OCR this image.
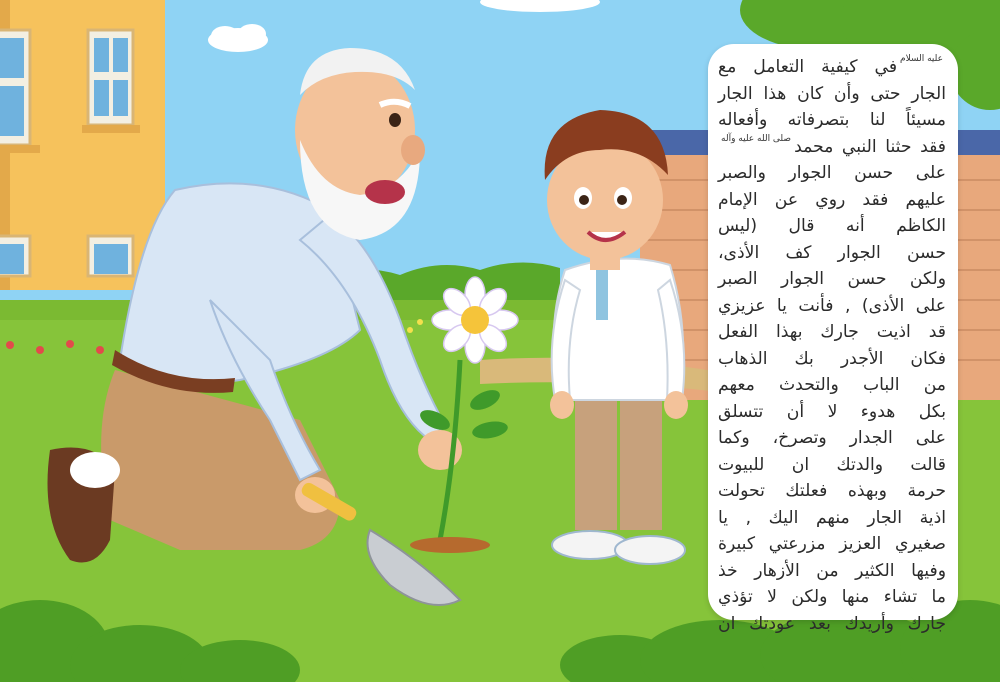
عليه السلامفي كيفية التعامل مع
الجار حتى وأن كان هذا الجار
مسيئاً لنا بتصرفاته وأفعاله
فقد حثنا النبي محمدصلى الله عليه وآله
على حسن الجوار والصبر
عليهم فقد روي عن الإمام
الكاظم أنه قال (ليس
حسن الجوار كف الأذى،
ولكن حسن الجوار الصبر
على الأذى) , فأنت يا عزيزي
قد اذيت جارك بهذا الفعل
فكان الأجدر بك الذهاب
من الباب والتحدث معهم
بكل هدوء لا أن تتسلق
على الجدار وتصرخ، وكما
قالت والدتك ان للبيوت
حرمة وبهذه فعلتك تحولت
اذية الجار منهم اليك , يا
صغيري العزيز مزرعتي كبيرة
وفيها الكثير من الأزهار خذ
ما تشاء منها ولكن لا تؤذي
جارك وأريدك بعد عودتك ان
